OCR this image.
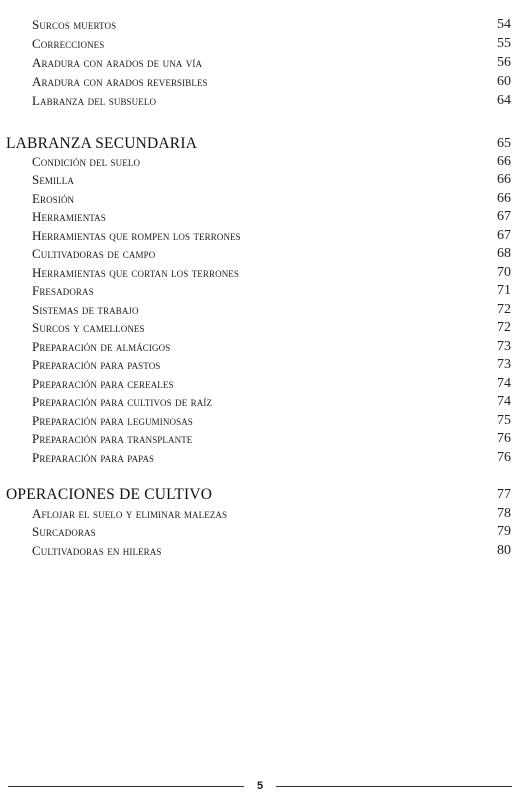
Surcos muertos	54
Correcciones	55
Aradura con arados de una vía	56
Aradura con arados reversibles	60
Labranza del subsuelo	64
LABRANZA SECUNDARIA	65
Condición del suelo	66
Semilla	66
Erosión	66
Herramientas	67
Herramientas que rompen los terrones	67
Cultivadoras de campo	68
Herramientas que cortan los terrones	70
Fresadoras	71
Sistemas de trabajo	72
Surcos y camellones	72
Preparación de almácigos	73
Preparación para pastos	73
Preparación para cereales	74
Preparación para cultivos de raíz	74
Preparación para leguminosas	75
Preparación para transplante	76
Preparación para papas	76
OPERACIONES DE CULTIVO	77
Aflojar el suelo y eliminar malezas	78
Surcadoras	79
Cultivadoras en hileras	80
5
